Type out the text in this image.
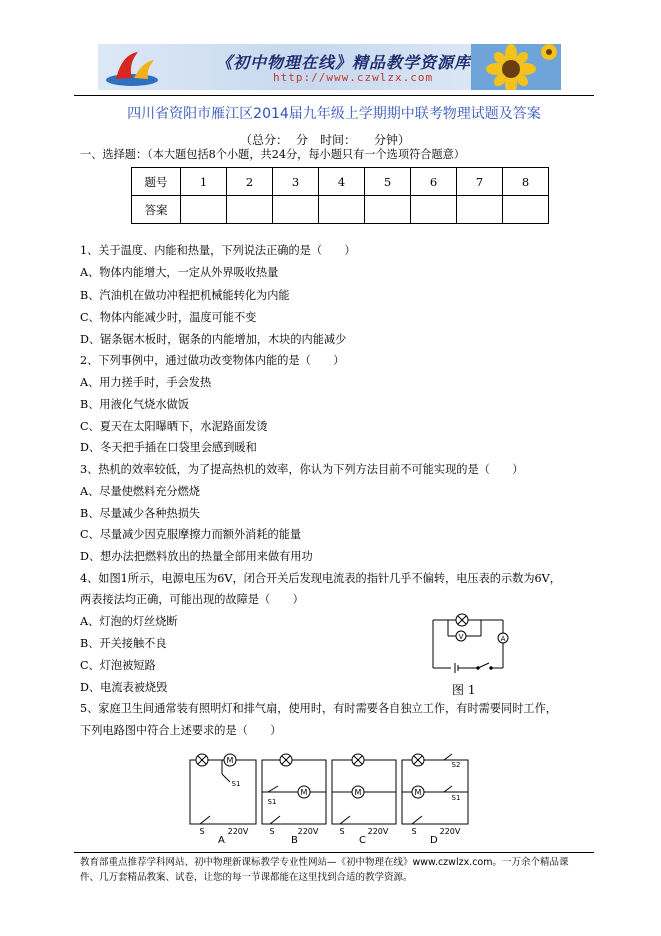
《初中物理在线》精品教学资源库
http://www.czwlzx.com
四川省资阳市雁江区2014届九年级上学期期中联考物理试题及答案
（总分： 分 时间： 分钟）
一、选择题：（本大题包括8个小题，共24分，每小题只有一个选项符合题意）
题号	1	2	3	4	5	6	7	8
答案								
1、关于温度、内能和热量，下列说法正确的是（　　）
A、物体内能增大，一定从外界吸收热量
B、汽油机在做功冲程把机械能转化为内能
C、物体内能减少时，温度可能不变
D、锯条锯木板时，锯条的内能增加，木块的内能减少
2、下列事例中，通过做功改变物体内能的是（　　）
A、用力搓手时，手会发热
B、用液化气烧水做饭
C、夏天在太阳曝晒下，水泥路面发烫
D、冬天把手插在口袋里会感到暖和
3、热机的效率较低，为了提高热机的效率，你认为下列方法目前不可能实现的是（　　）
A、尽量使燃料充分燃烧
B、尽量减少各种热损失
C、尽量减少因克服摩擦力而额外消耗的能量
D、想办法把燃料放出的热量全部用来做有用功
4、如图1所示，电源电压为6V，闭合开关后发现电流表的指针几乎不偏转，电压表的示数为6V，
两表接法均正确，可能出现的故障是（　　）
A、灯泡的灯丝烧断
B、开关接触不良
C、灯泡被短路
D、电流表被烧毁
5、家庭卫生间通常装有照明灯和排气扇，使用时，有时需要各自独立工作，有时需要同时工作，
下列电路图中符合上述要求的是（　　）
V	A
图 1
M
M	M	M
S1
S1
S2
S1
S	220V	S	220V	S	220V	S	220V
A	B	C	D
教育部重点推荐学科网站、初中物理新课标教学专业性网站—《初中物理在线》www.czwlzx.com。一万余个精品课
件、几万套精品教案、试卷，让您的每一节课都能在这里找到合适的教学资源。
